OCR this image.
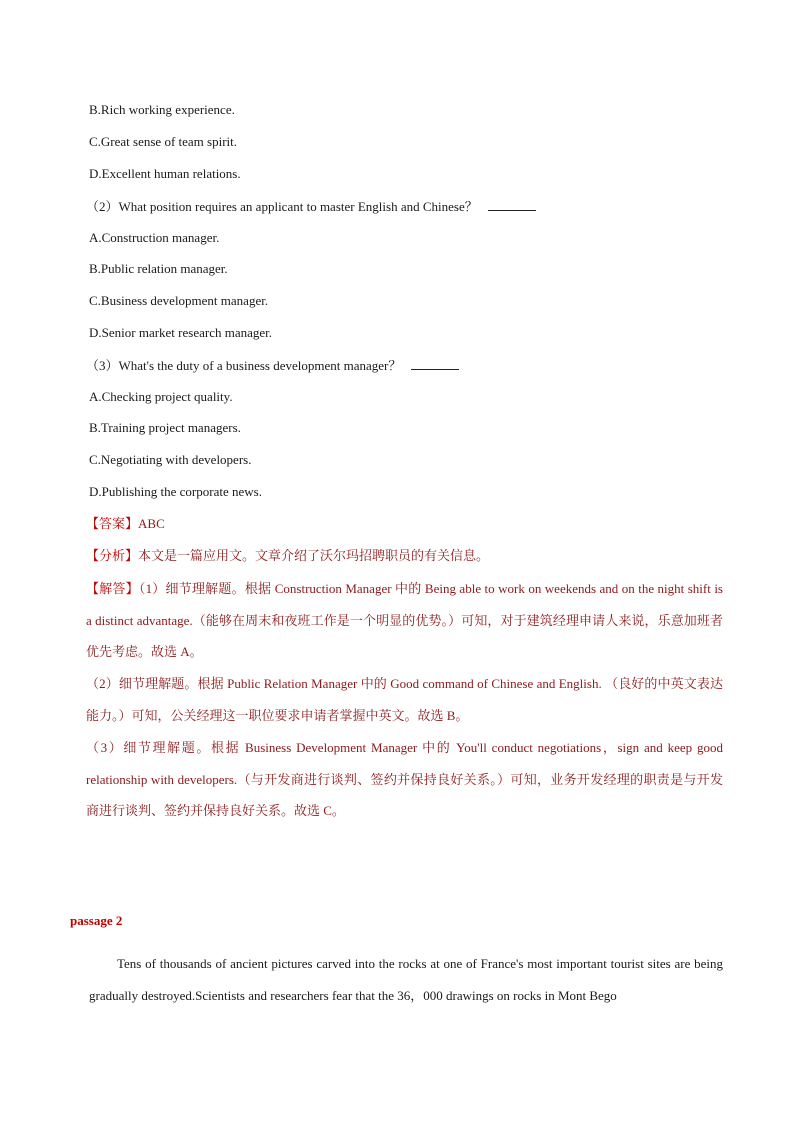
B.Rich working experience.
C.Great sense of team spirit.
D.Excellent human relations.
（2）What position requires an applicant to master English and Chinese？
A.Construction manager.
B.Public relation manager.
C.Business development manager.
D.Senior market research manager.
（3）What's the duty of a business development manager？
A.Checking project quality.
B.Training project managers.
C.Negotiating with developers.
D.Publishing the corporate news.
【答案】ABC
【分析】本文是一篇应用文。文章介绍了沃尔玛招聘职员的有关信息。
【解答】（1）细节理解题。根据 Construction Manager 中的 Being able to work on weekends and on the night shift is a distinct advantage.（能够在周末和夜班工作是一个明显的优势。）可知，对于建筑经理申请人来说，乐意加班者优先考虑。故选 A。
（2）细节理解题。根据 Public Relation Manager 中的 Good command of Chinese and English. （良好的中英文表达能力。）可知，公关经理这一职位要求申请者掌握中英文。故选 B。
（3）细节理解题。根据 Business Development Manager 中的 You'll conduct negotiations，sign and keep good relationship with developers.（与开发商进行谈判、签约并保持良好关系。）可知，业务开发经理的职责是与开发商进行谈判、签约并保持良好关系。故选 C。
passage 2
Tens of thousands of ancient pictures carved into the rocks at one of France's most important tourist sites are being gradually destroyed.Scientists and researchers fear that the 36，000 drawings on rocks in Mont Bego
